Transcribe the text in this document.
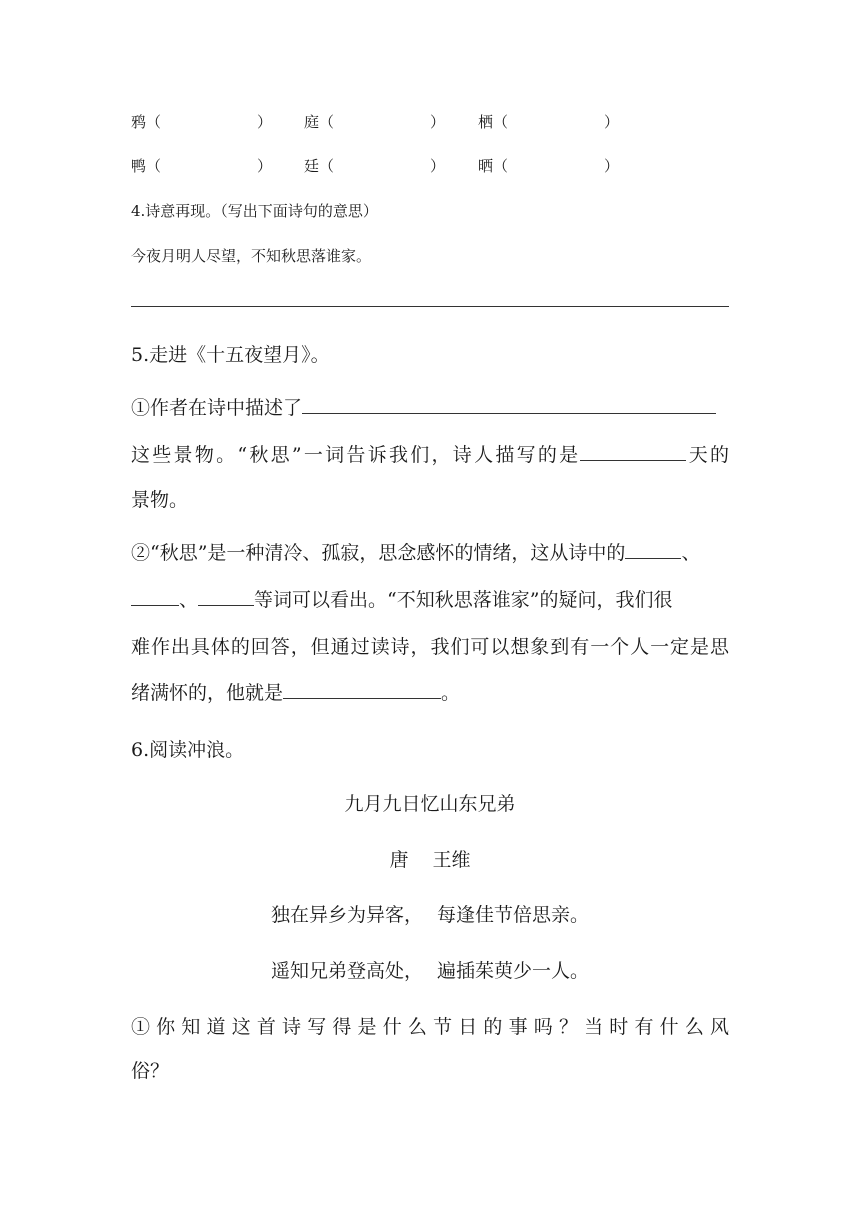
鸦（	） 庭（	） 栖（	）
鸭（	） 廷（	） 晒（	）
4.诗意再现。（写出下面诗句的意思）
今夜月明人尽望，不知秋思落谁家。
5.走进《十五夜望月》。
①作者在诗中描述了
这些景物。“秋思”一词告诉我们，诗人描写的是	天的
景物。
②“秋思”是一种清冷、孤寂，思念感怀的情绪，这从诗中的	、
、	等词可以看出。“不知秋思落谁家”的疑问，我们很
难作出具体的回答，但通过读诗，我们可以想象到有一个人一定是思
绪满怀的，他就是	。
6.阅读冲浪。
九月九日忆山东兄弟
唐 王维
独在异乡为异客， 每逢佳节倍思亲。
遥知兄弟登高处， 遍插茱萸少一人。
①你知道这首诗写得是什么节日的事吗？当时有什么风
俗？
